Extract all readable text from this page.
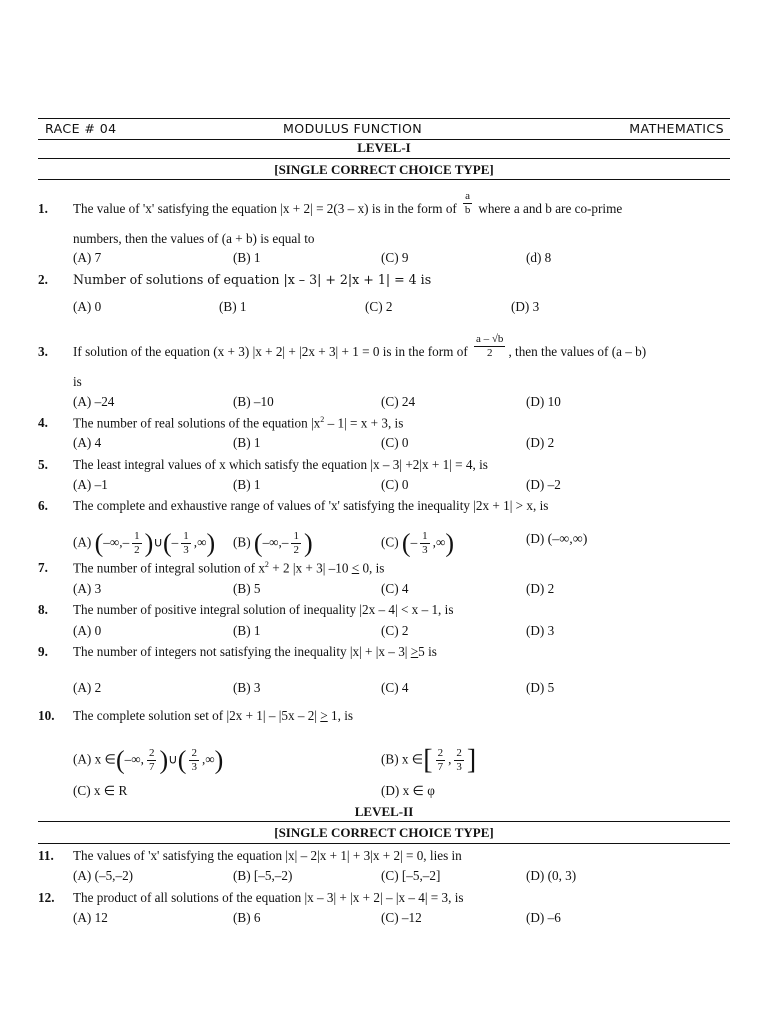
RACE # 04	MODULUS FUNCTION	MATHEMATICS
LEVEL-I
[SINGLE CORRECT CHOICE TYPE]
1. The value of 'x' satisfying the equation |x + 2| = 2(3 – x) is in the form of $\frac{a}{b}$ where a and b are co-prime
numbers, then the values of (a + b) is equal to
(A) 7	(B) 1	(C) 9	(d) 8
2. Number of solutions of equation |x – 3| + 2|x + 1| = 4 is
(A) 0	(B) 1	(C) 2	(D) 3
3. If solution of the equation (x + 3) |x + 2| + |2x + 3| + 1 = 0 is in the form of $\frac{a - √b}{2}$ , then the values of (a – b)
is
(A) –24	(B) –10	(C) 24	(D) 10
4. The number of real solutions of the equation $|x^2 - 1| = x + 3$, is
(A) 4	(B) 1	(C) 0	(D) 2
5. The least integral values of x which satisfy the equation |x – 3| +2|x + 1| = 4, is
(A) –1	(B) 1	(C) 0	(D) –2
6. The complete and exhaustive range of values of 'x' satisfying the inequality |2x + 1| > x, is
(A) (–∞,– $\frac{1}{2}$ )∪(– $\frac{1}{3}$ ,∞) (B) (–∞,– $\frac{1}{2}$ )	(C) (– $\frac{1}{3}$ ,∞)	(D) (–∞,∞)
7. The number of integral solution of $x^2 + 2$ |x + 3| –10 < 0, is
(A) 3	(B) 5	(C) 4	(D) 2
8. The number of positive integral solution of inequality |2x – 4| < x – 1, is
(A) 0	(B) 1	(C) 2	(D) 3
9. The number of integers not satisfying the inequality |x| + |x – 3| >5 is
(A) 2	(B) 3	(C) 4	(D) 5
10. The complete solution set of |2x + 1| – |5x – 2| > 1, is
(A) x ∈(–∞, $\frac{2}{7}$ )∪( $\frac{2}{3}$ ,∞)	(B) x ∈[ $\frac{2}{7}$ , $\frac{2}{3}$ ]
(C) x ∈ R	(D) x ∈ φ
LEVEL-II
[SINGLE CORRECT CHOICE TYPE]
11. The values of 'x' satisfying the equation |x| – 2|x + 1| + 3|x + 2| = 0, lies in
(A) (–5,–2)	(B) [–5,–2)	(C) [–5,–2]	(D) (0, 3)
12. The product of all solutions of the equation |x – 3| + |x + 2| – |x – 4| = 3, is
(A) 12	(B) 6	(C) –12	(D) –6
